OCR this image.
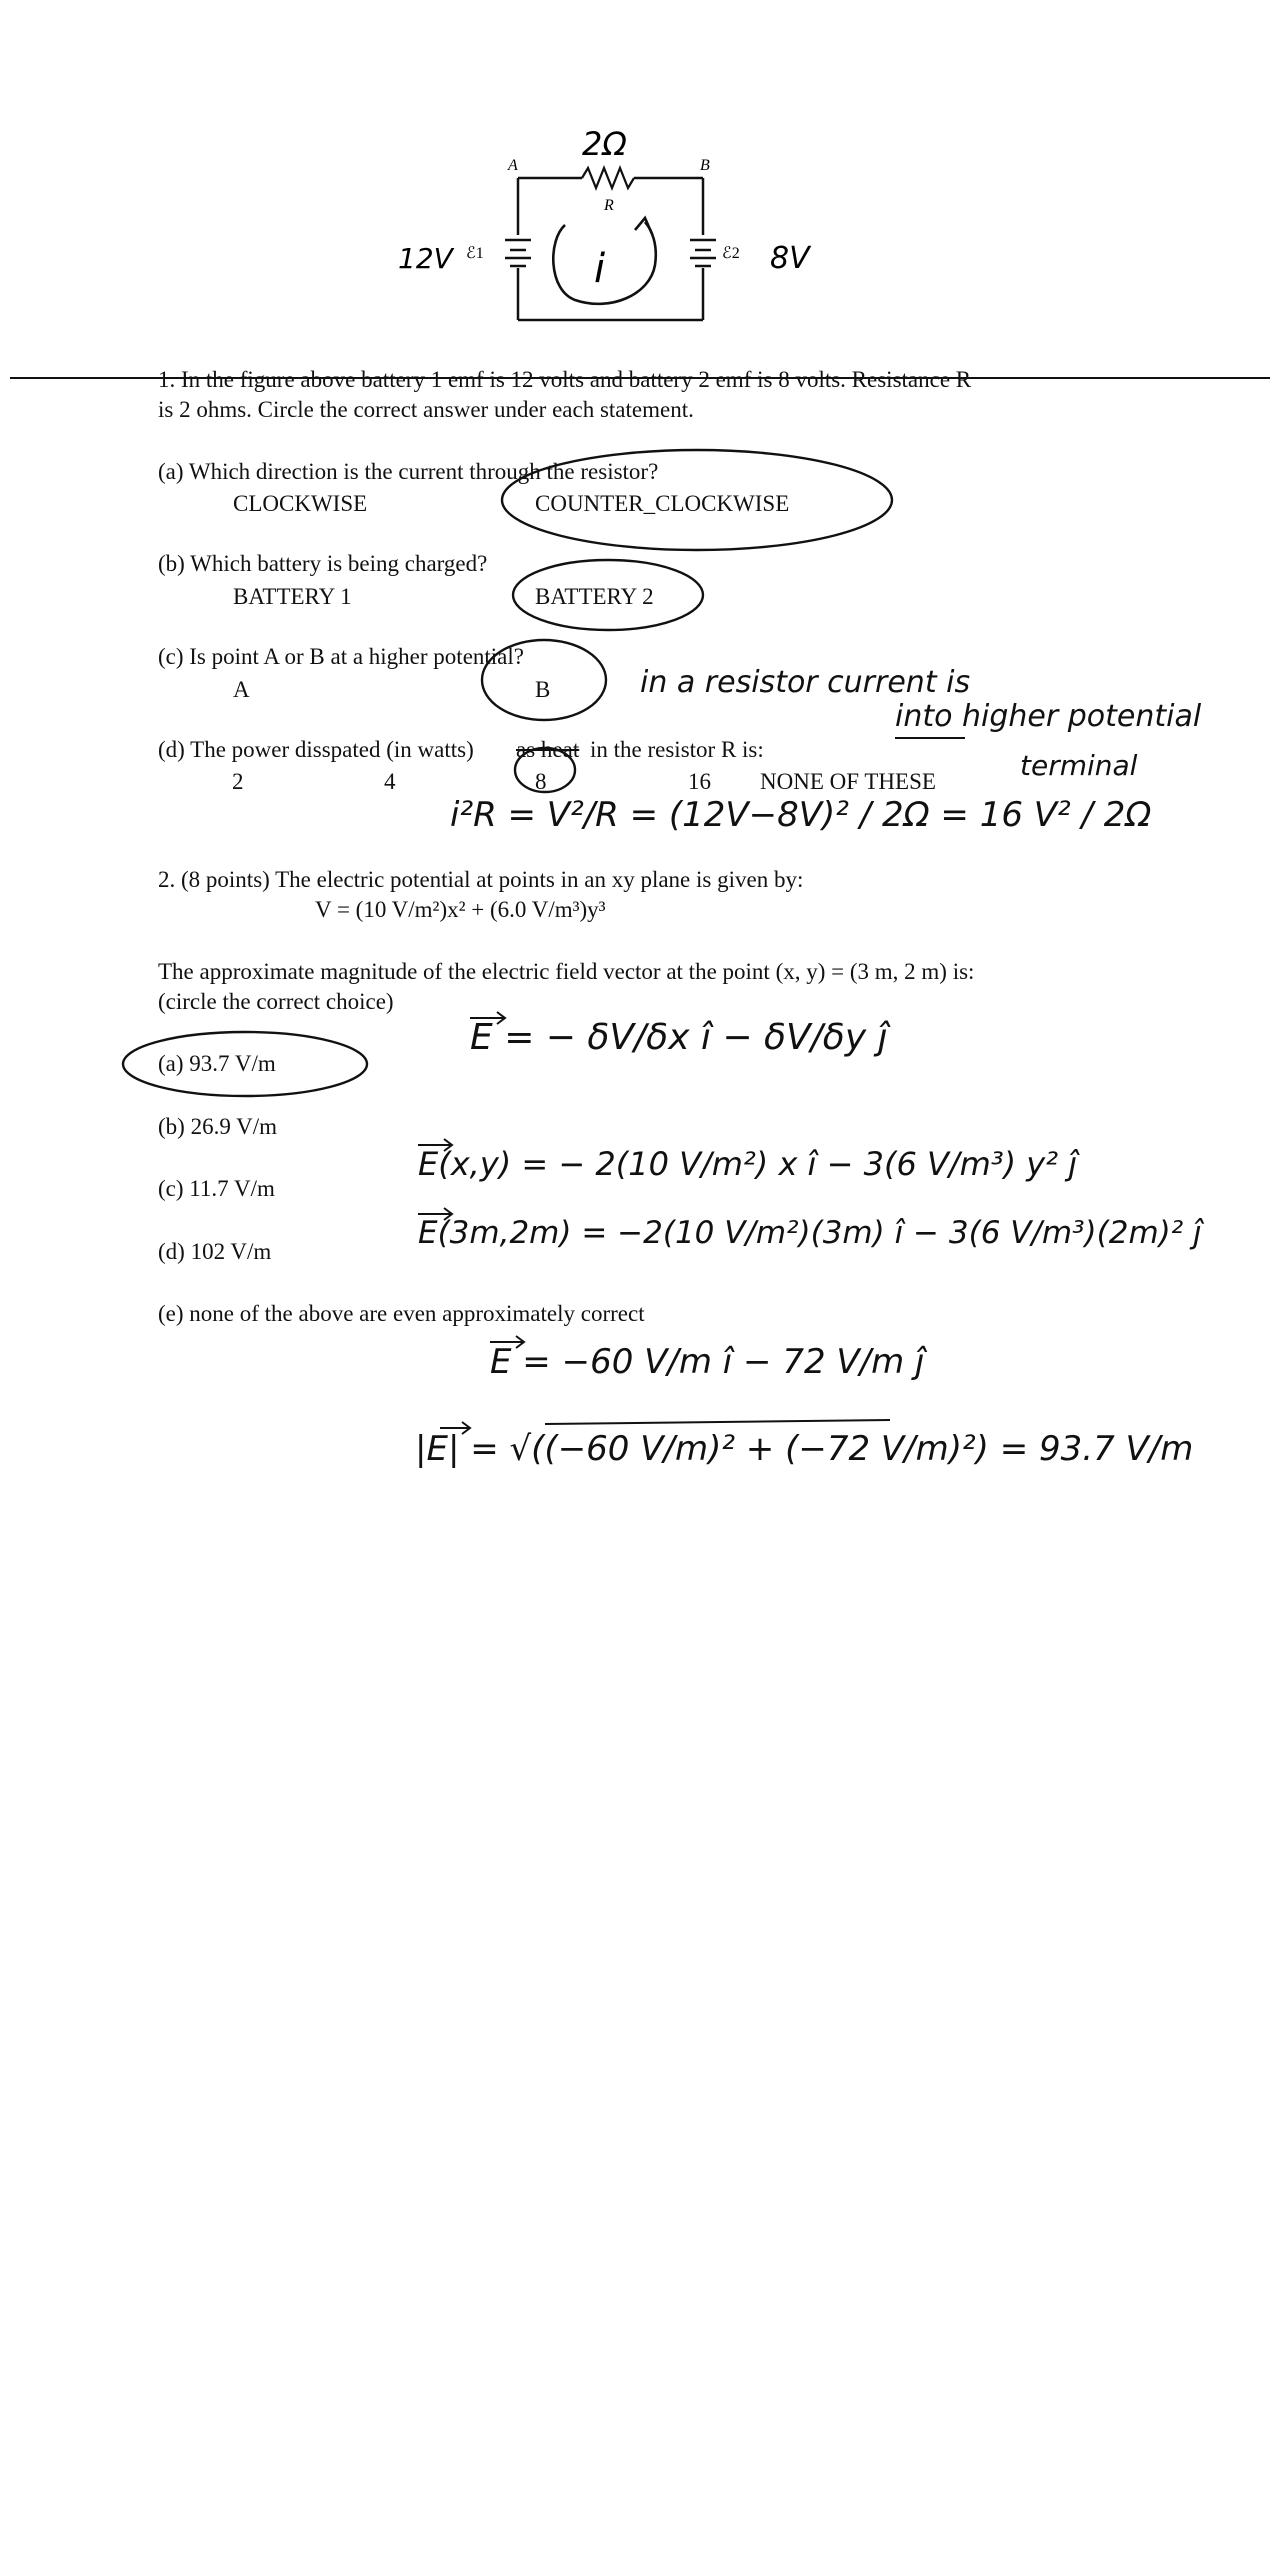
2Ω
R
A	B
12V	8V
ℰ1	ℰ2
i
1. In the figure above battery 1 emf is 12 volts and battery 2 emf is 8 volts. Resistance R
is 2 ohms. Circle the correct answer under each statement.
(a) Which direction is the current through the resistor?
CLOCKWISE	COUNTER_CLOCKWISE
(b) Which battery is being charged?
BATTERY 1	BATTERY 2
(c) Is point A or B at a higher potential?
A	B	in a resistor current is
into higher potential
terminal
(d) The power disspated (in watts) as heat in the resistor R is:
2	4	8	16 NONE OF THESE
i²R = V²/R = (12V−8V)² / 2Ω = 16 V² / 2Ω
2. (8 points) The electric potential at points in an xy plane is given by:
V = (10 V/m²)x² + (6.0 V/m³)y³
The approximate magnitude of the electric field vector at the point (x, y) = (3 m, 2 m) is:
(circle the correct choice)
(a) 93.7 V/m
(b) 26.9 V/m
(c) 11.7 V/m
(d) 102 V/m
(e) none of the above are even approximately correct
E = − δV/δx î − δV/δy ĵ
E(x,y) = − 2(10 V/m²) x î − 3(6 V/m³) y² ĵ
E(3m,2m) = −2(10 V/m²)(3m) î − 3(6 V/m³)(2m)² ĵ
E = −60 V/m î − 72 V/m ĵ
|E| = √((−60 V/m)² + (−72 V/m)²) = 93.7 V/m
